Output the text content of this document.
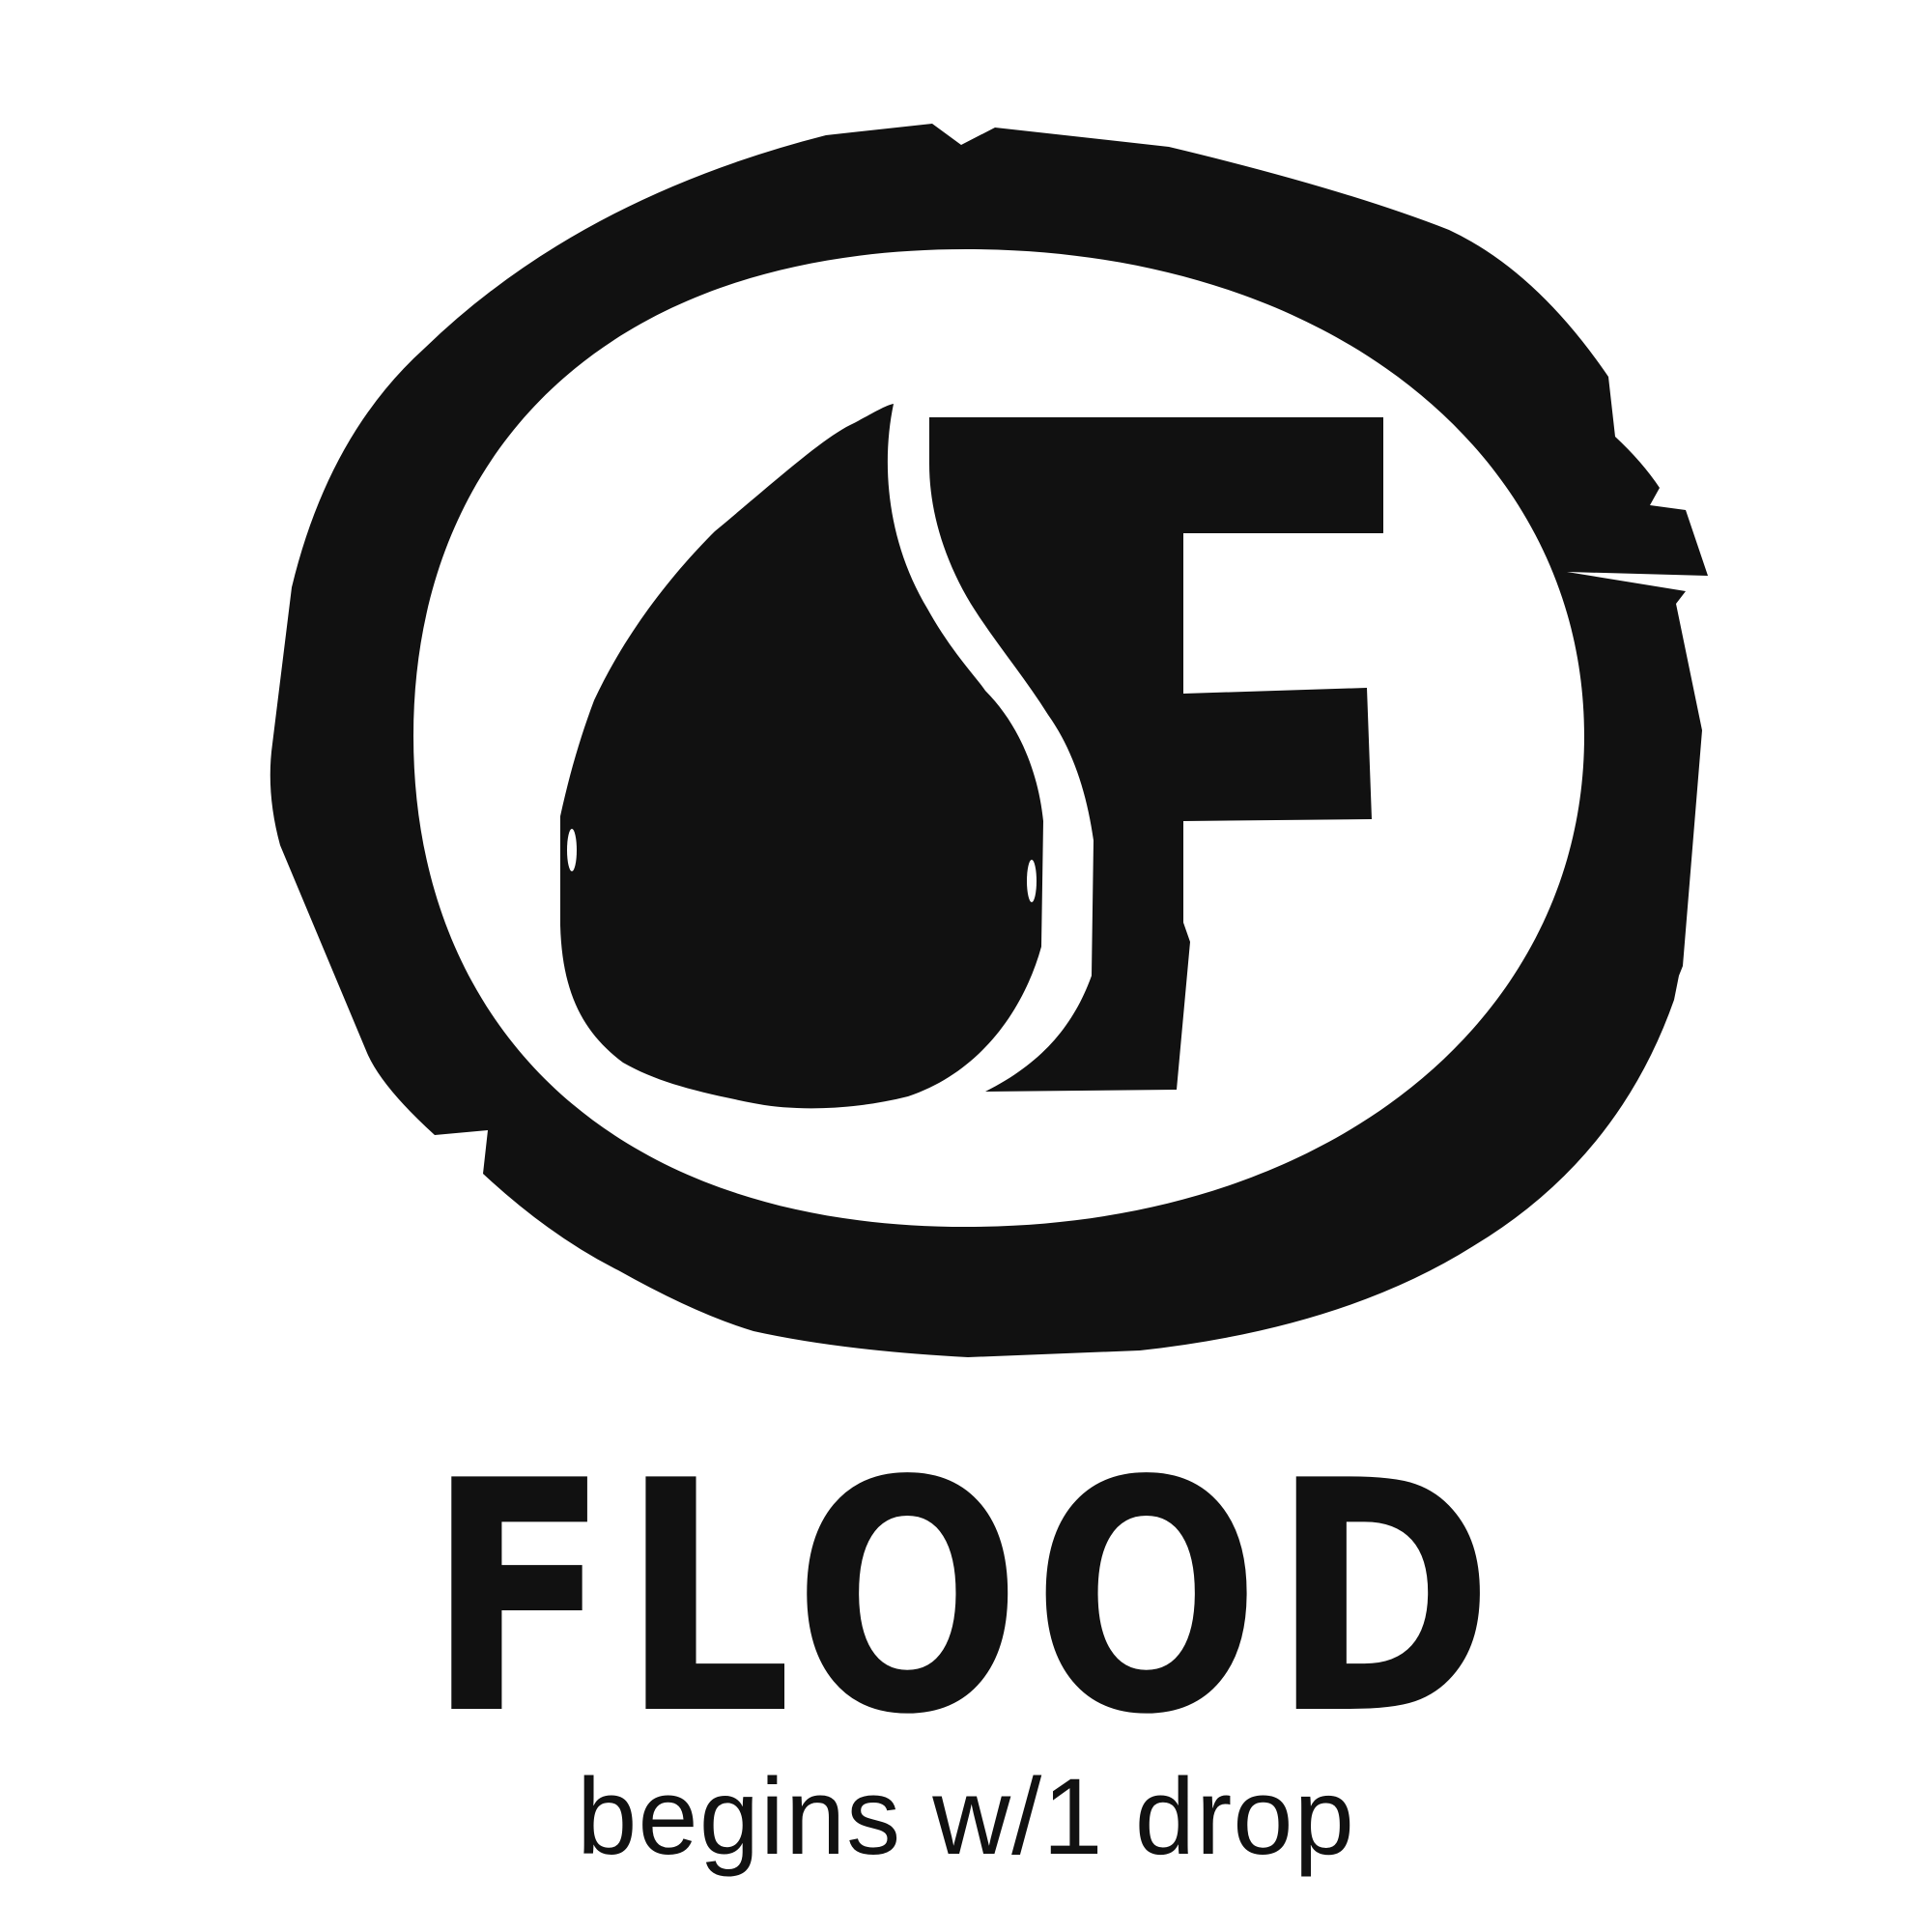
FLOOD
begins w/1 drop
